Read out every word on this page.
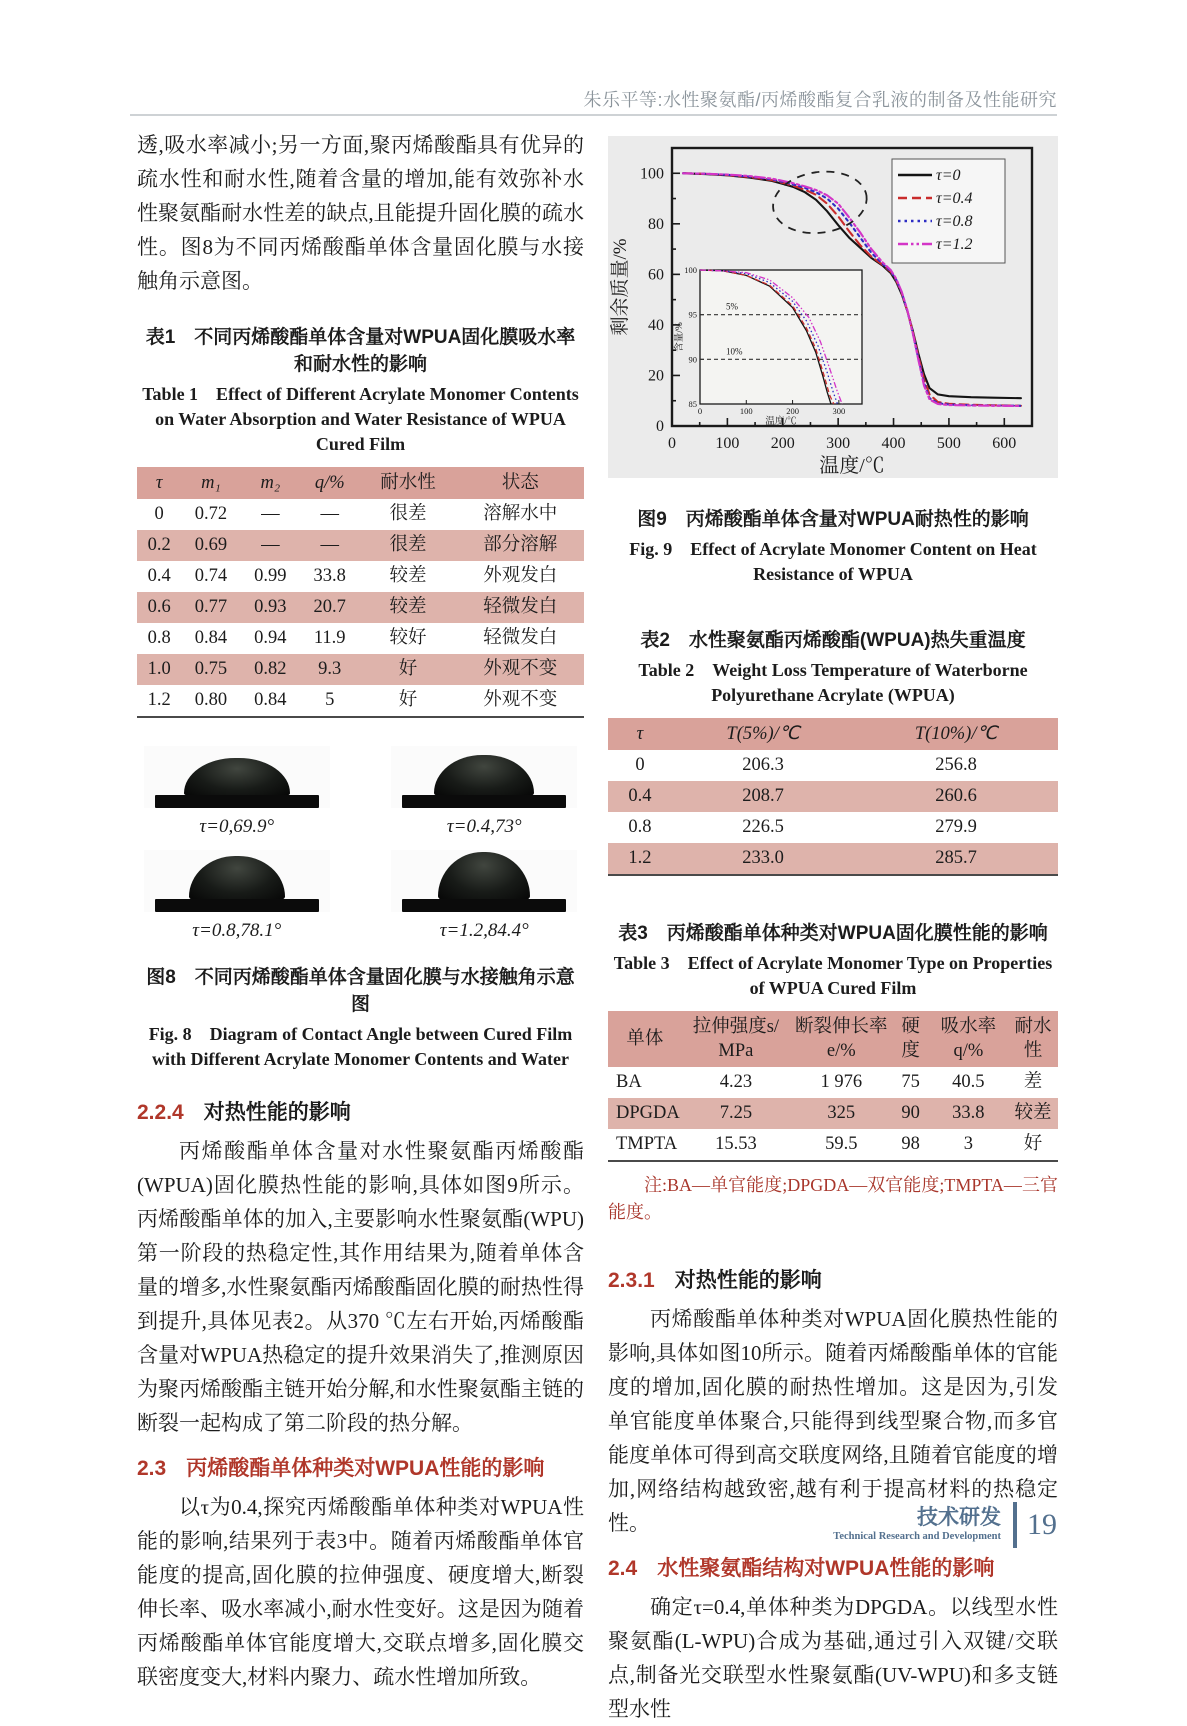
朱乐平等:水性聚氨酯/丙烯酸酯复合乳液的制备及性能研究

透,吸水率减小;另一方面,聚丙烯酸酯具有优异的疏水性和耐水性,随着含量的增加,能有效弥补水性聚氨酯耐水性差的缺点,且能提升固化膜的疏水性。图8为不同丙烯酸酯单体含量固化膜与水接触角示意图。

表1　不同丙烯酸酯单体含量对WPUA固化膜吸水率和耐水性的影响
Table 1　Effect of Different Acrylate Monomer Contents on Water Absorption and Water Resistance of WPUA Cured Film
τ	m₁	m₂	q/%	耐水性	状态
0	0.72	—	—	很差	溶解水中
0.2	0.69	—	—	很差	部分溶解
0.4	0.74	0.99	33.8	较差	外观发白
0.6	0.77	0.93	20.7	较差	轻微发白
0.8	0.84	0.94	11.9	较好	轻微发白
1.0	0.75	0.82	9.3	好	外观不变
1.2	0.80	0.84	5	好	外观不变
τ=0,69.9°	τ=0.4,73°
τ=0.8,78.1°	τ=1.2,84.4°
图8　不同丙烯酸酯单体含量固化膜与水接触角示意图
Fig. 8　Diagram of Contact Angle between Cured Film with Different Acrylate Monomer Contents and Water
2.2.4 对热性能的影响

丙烯酸酯单体含量对水性聚氨酯丙烯酸酯(WPUA)固化膜热性能的影响,具体如图9所示。丙烯酸酯单体的加入,主要影响水性聚氨酯(WPU)第一阶段的热稳定性,其作用结果为,随着单体含量的增多,水性聚氨酯丙烯酸酯固化膜的耐热性得到提升,具体见表2。从370 ℃左右开始,丙烯酸酯含量对WPUA热稳定的提升效果消失了,推测原因为聚丙烯酸酯主链开始分解,和水性聚氨酯主链的断裂一起构成了第二阶段的热分解。

2.3 丙烯酸酯单体种类对WPUA性能的影响

以τ为0.4,探究丙烯酸酯单体种类对WPUA性能的影响,结果列于表3中。随着丙烯酸酯单体官能度的提高,固化膜的拉伸强度、硬度增大,断裂伸长率、吸水率减小,耐水性变好。这是因为随着丙烯酸酯单体官能度增大,交联点增多,固化膜交联密度变大,材料内聚力、疏水性增加所致。

0 100 200 300 400 500 600
0
20
40
60
80
100
温度/℃
剩余质量/%
τ=0
τ=0.4
τ=0.8
τ=1.2
0	100	200	300
85
90
95
100
温度/℃
含量/%
5%
10%
图9　丙烯酸酯单体含量对WPUA耐热性的影响
Fig. 9　Effect of Acrylate Monomer Content on Heat Resistance of WPUA
表2　水性聚氨酯丙烯酸酯(WPUA)热失重温度
Table 2　Weight Loss Temperature of Waterborne Polyurethane Acrylate (WPUA)
τ	T(5%)/℃	T(10%)/℃
0	206.3	256.8
0.4	208.7	260.6
0.8	226.5	279.9
1.2	233.0	285.7
表3　丙烯酸酯单体种类对WPUA固化膜性能的影响
Table 3　Effect of Acrylate Monomer Type on Properties of WPUA Cured Film
单体	拉伸强度s/ MPa	断裂伸长率e/%	硬度	吸水率 q/%	耐水性
BA	4.23	1 976	75	40.5	差
DPGDA	7.25	325	90	33.8	较差
TMPTA	15.53	59.5	98	3	好
注:BA—单官能度;DPGDA—双官能度;TMPTA—三官能度。
2.3.1 对热性能的影响

丙烯酸酯单体种类对WPUA固化膜热性能的影响,具体如图10所示。随着丙烯酸酯单体的官能度的增加,固化膜的耐热性增加。这是因为,引发单官能度单体聚合,只能得到线型聚合物,而多官能度单体可得到高交联度网络,且随着官能度的增加,网络结构越致密,越有利于提高材料的热稳定性。

2.4 水性聚氨酯结构对WPUA性能的影响

确定τ=0.4,单体种类为DPGDA。以线型水性聚氨酯(L-WPU)合成为基础,通过引入双键/交联点,制备光交联型水性聚氨酯(UV-WPU)和多支链型水性

技术研发
Technical Research and Development 19
